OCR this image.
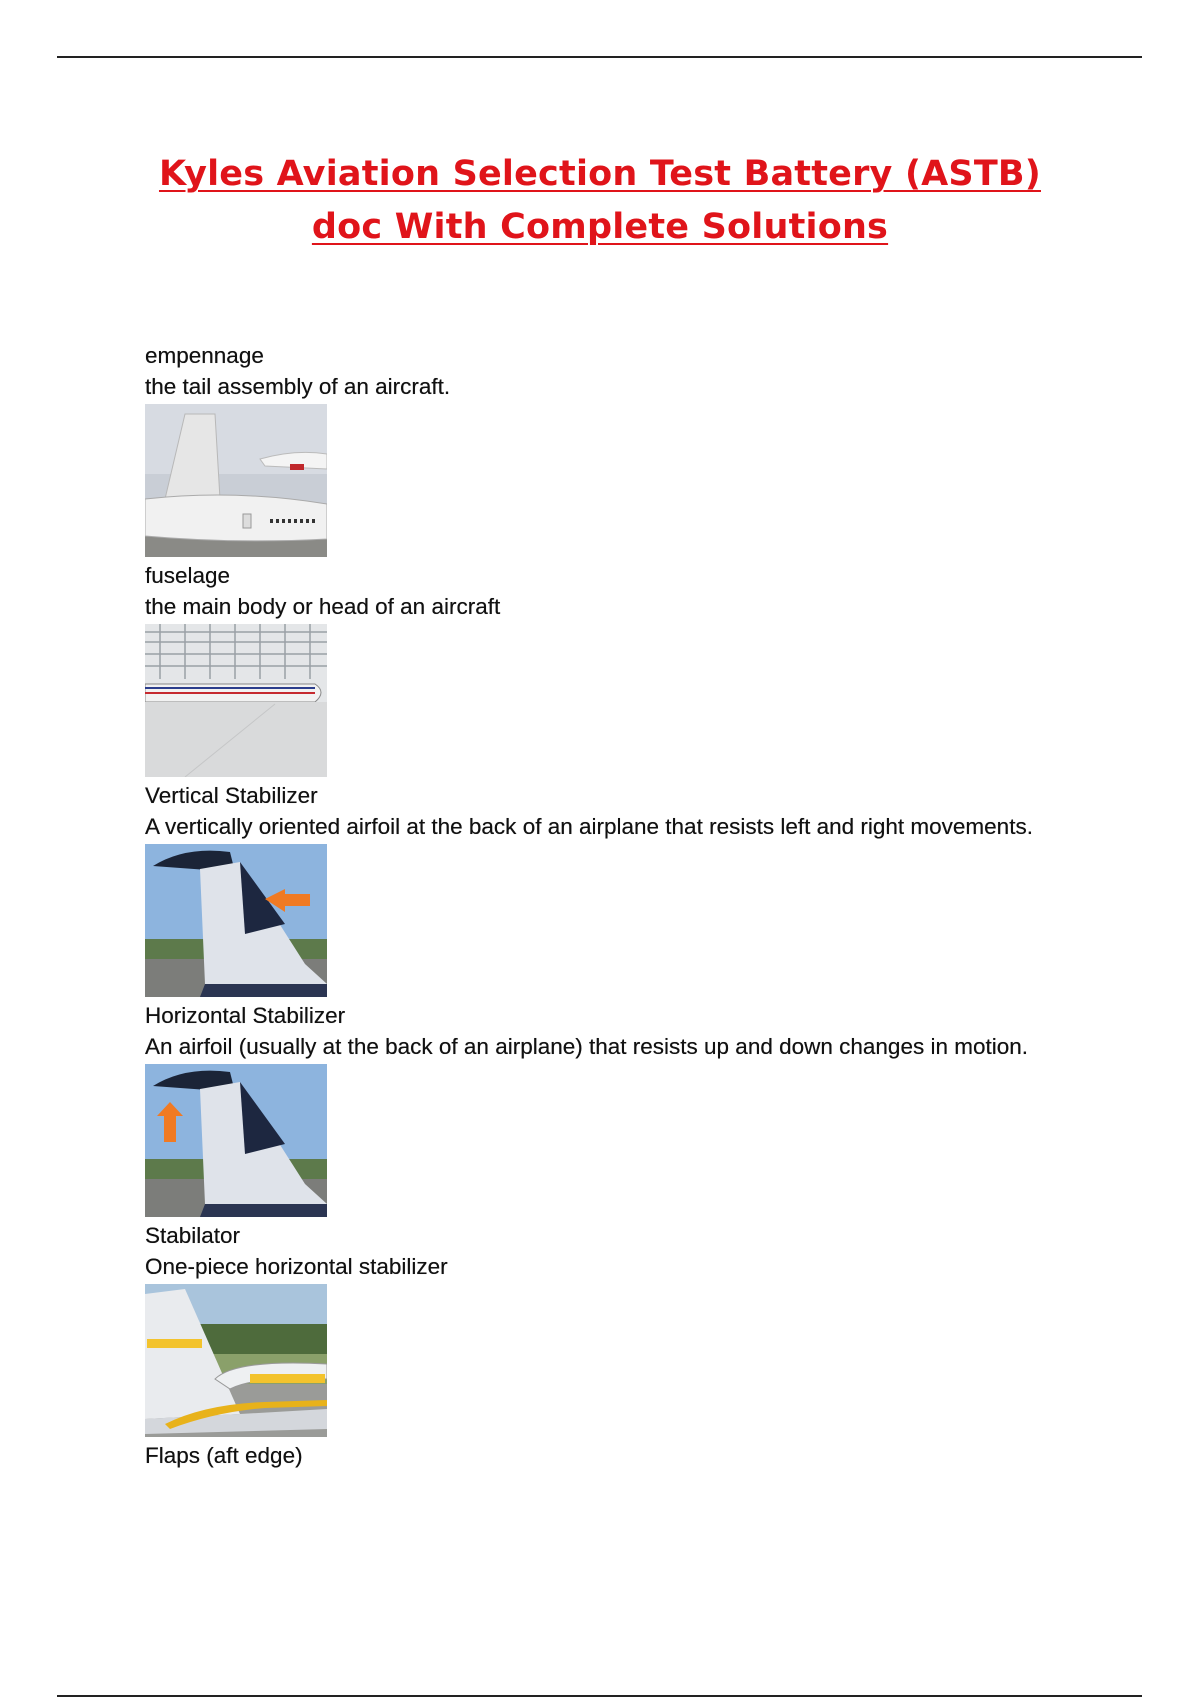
Kyles Aviation Selection Test Battery (ASTB)
doc With Complete Solutions

empennage

the tail assembly of an aircraft.

fuselage

the main body or head of an aircraft

Vertical Stabilizer

A vertically oriented airfoil at the back of an airplane that resists left and right movements.

Horizontal Stabilizer

An airfoil (usually at the back of an airplane) that resists up and down changes in motion.

Stabilator

One-piece horizontal stabilizer

Flaps (aft edge)
